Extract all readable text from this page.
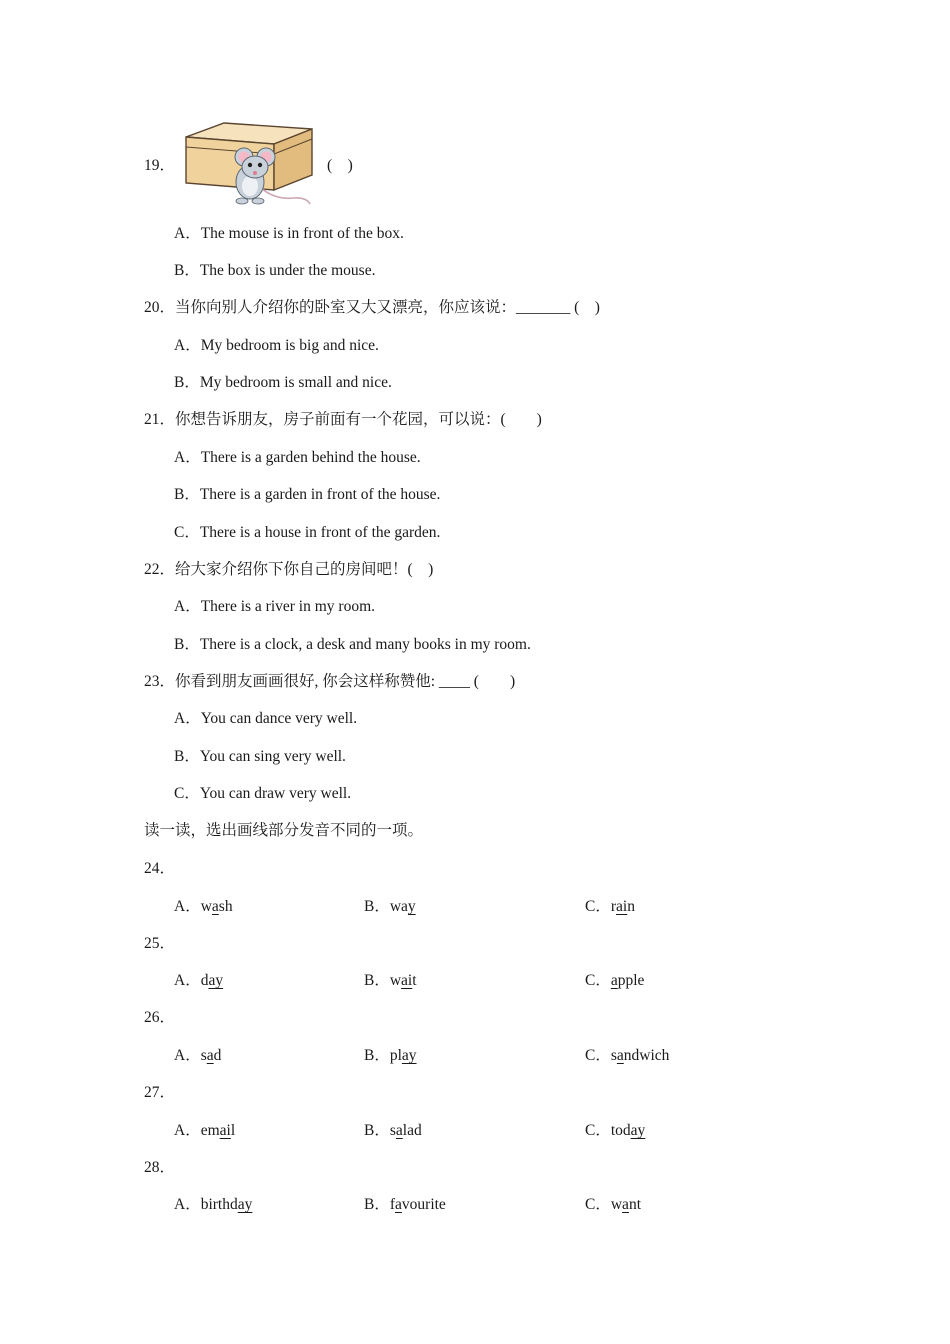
19．	(　)
A．The mouse is in front of the box.
B．The box is under the mouse.
20．当你向别人介绍你的卧室又大又漂亮，你应该说：_______ (　)
A．My bedroom is big and nice.
B．My bedroom is small and nice.
21．你想告诉朋友，房子前面有一个花园，可以说：(　　)
A．There is a garden behind the house.
B．There is a garden in front of the house.
C．There is a house in front of the garden.
22．给大家介绍你下你自己的房间吧！(　)
A．There is a river in my room.
B．There is a clock, a desk and many books in my room.
23．你看到朋友画画很好, 你会这样称赞他: ____ (　　)
A．You can dance very well.
B．You can sing very well.
C．You can draw very well.
读一读，选出画线部分发音不同的一项。
24．
A．wash	B．way	C．rain
25．
A．day	B．wait	C．apple
26．
A．sad	B．play	C．sandwich
27．
A．email	B．salad	C．today
28．
A．birthday	B．favourite	C．want
